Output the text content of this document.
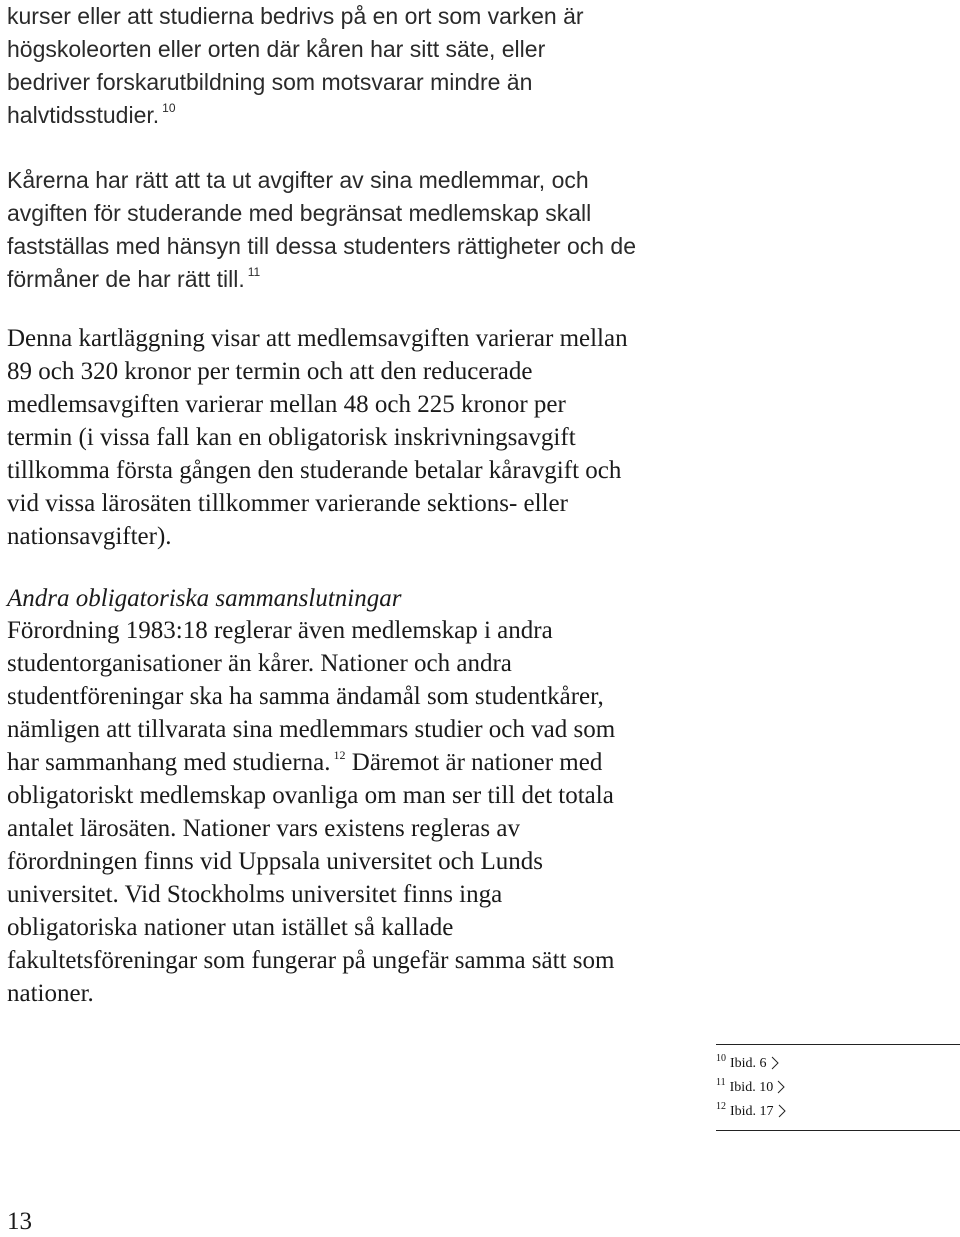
kurser eller att studierna bedrivs på en ort som varken är
högskoleorten eller orten där kåren har sitt säte, eller
bedriver forskarutbildning som motsvarar mindre än
halvtidsstudier. $^{10}$
Kårerna har rätt att ta ut avgifter av sina medlemmar, och
avgiften för studerande med begränsat medlemskap skall
fastställas med hänsyn till dessa studenters rättigheter och de
förmåner de har rätt till. $^{11}$
Denna kartläggning visar att medlemsavgiften varierar mellan
89 och 320 kronor per termin och att den reducerade
medlemsavgiften varierar mellan 48 och 225 kronor per
termin (i vissa fall kan en obligatorisk inskrivningsavgift
tillkomma första gången den studerande betalar kåravgift och
vid vissa lärosäten tillkommer varierande sektions- eller
nationsavgifter).
Andra obligatoriska sammanslutningar
Förordning 1983:18 reglerar även medlemskap i andra
studentorganisationer än kårer. Nationer och andra
studentföreningar ska ha samma ändamål som studentkårer,
nämligen att tillvarata sina medlemmars studier och vad som
har sammanhang med studierna. $^{12}$ Däremot är nationer med
obligatoriskt medlemskap ovanliga om man ser till det totala
antalet lärosäten. Nationer vars existens regleras av
förordningen finns vid Uppsala universitet och Lunds
universitet. Vid Stockholms universitet finns inga
obligatoriska nationer utan istället så kallade
fakultetsföreningar som fungerar på ungefär samma sätt som
nationer.
$^{10}$ Ibid. 6
$^{11}$ Ibid. 10
$^{12}$ Ibid. 17
13
